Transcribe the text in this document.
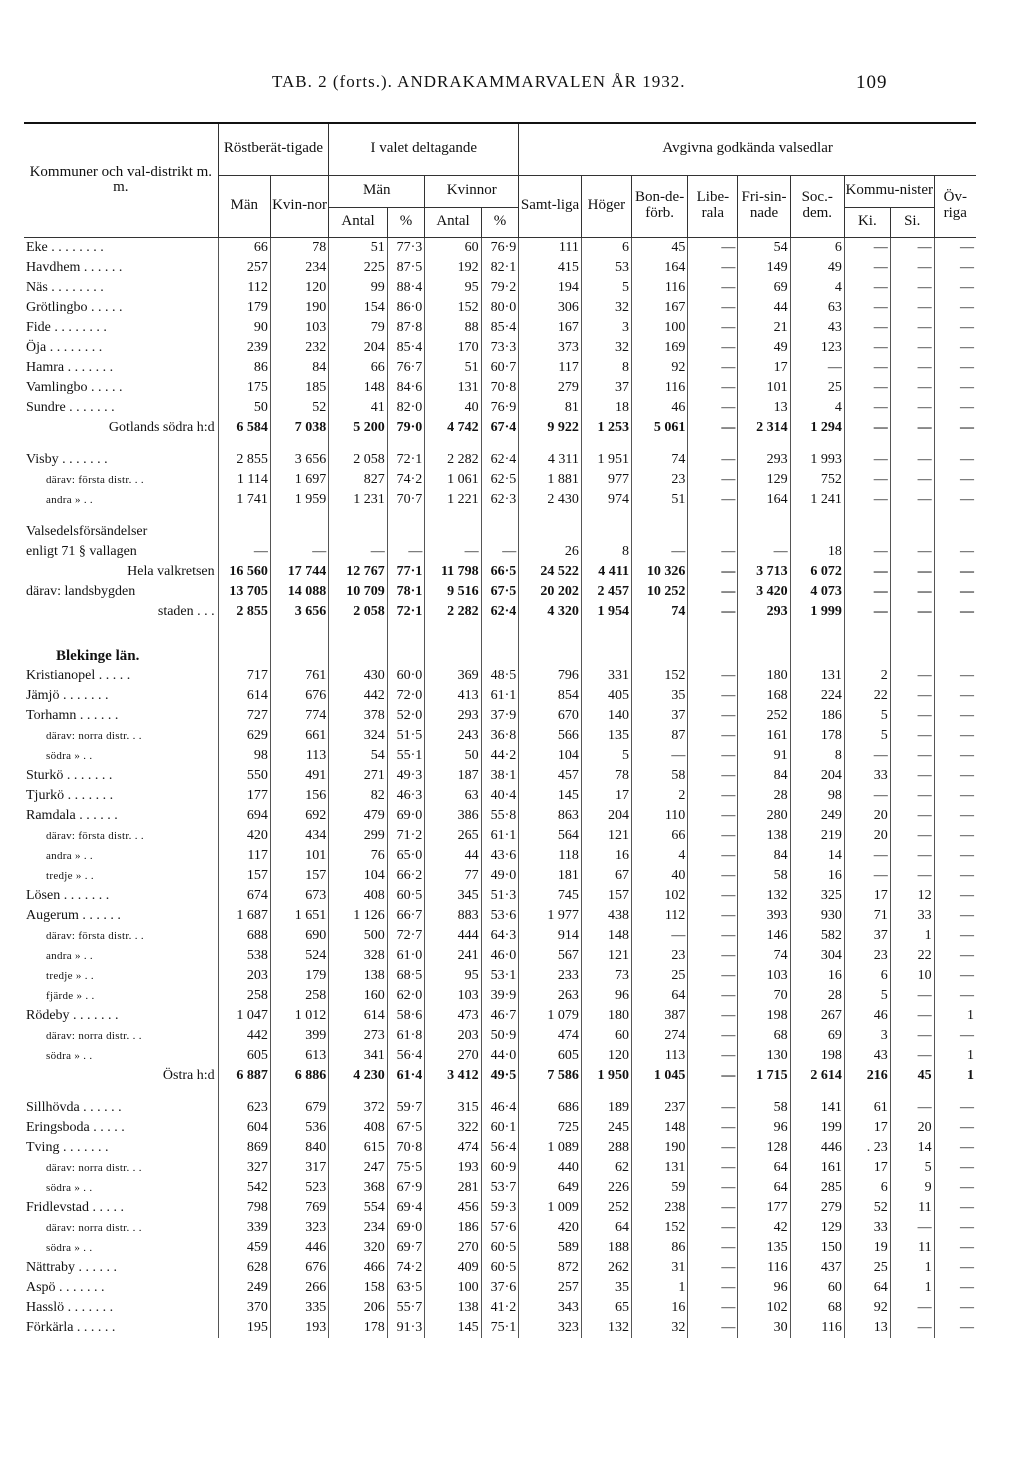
TAB. 2 (forts.). ANDRAKAMMARVALEN ÅR 1932.	109
Kommuner och val-distrikt m. m.	Röstberät-tigade		I valet deltagande				Avgivna godkända valsedlar								
	Män	Kvin-nor	Män		Kvinnor		Samt-liga	Höger	Bon-de-förb.	Libe-rala	Fri-sin-nade	Soc.-dem.	Kommu-nister		Öv-riga
			Antal	%	Antal	%							Ki.	Si.	
Eke . . . . . . . .	66	78	51	77·3	60	76·9	111	6	45	—	54	6	—	—	—
Havdhem . . . . . .	257	234	225	87·5	192	82·1	415	53	164	—	149	49	—	—	—
Näs . . . . . . . .	112	120	99	88·4	95	79·2	194	5	116	—	69	4	—	—	—
Grötlingbo . . . . .	179	190	154	86·0	152	80·0	306	32	167	—	44	63	—	—	—
Fide . . . . . . . .	90	103	79	87·8	88	85·4	167	3	100	—	21	43	—	—	—
Öja . . . . . . . .	239	232	204	85·4	170	73·3	373	32	169	—	49	123	—	—	—
Hamra . . . . . . .	86	84	66	76·7	51	60·7	117	8	92	—	17	—	—	—	—
Vamlingbo . . . . .	175	185	148	84·6	131	70·8	279	37	116	—	101	25	—	—	—
Sundre . . . . . . .	50	52	41	82·0	40	76·9	81	18	46	—	13	4	—	—	—
Gotlands södra h:d	6 584	7 038	5 200	79·0	4 742	67·4	9 922	1 253	5 061	—	2 314	1 294	—	—	—

Visby . . . . . . .	2 855	3 656	2 058	72·1	2 282	62·4	4 311	1 951	74	—	293	1 993	—	—	—
därav: första distr. . .	1 114	1 697	827	74·2	1 061	62·5	1 881	977	23	—	129	752	—	—	—
andra » . .	1 741	1 959	1 231	70·7	1 221	62·3	2 430	974	51	—	164	1 241	—	—	—

Valsedelsförsändelser															
enligt 71 § vallagen	—	—	—	—	—	—	26	8	—	—	—	18	—	—	—
Hela valkretsen	16 560	17 744	12 767	77·1	11 798	66·5	24 522	4 411	10 326	—	3 713	6 072	—	—	—
därav: landsbygden	13 705	14 088	10 709	78·1	9 516	67·5	20 202	2 457	10 252	—	3 420	4 073	—	—	—
staden . . .	2 855	3 656	2 058	72·1	2 282	62·4	4 320	1 954	74	—	293	1 999	—	—	—

Blekinge län.															
Kristianopel . . . . .	717	761	430	60·0	369	48·5	796	331	152	—	180	131	2	—	—
Jämjö . . . . . . .	614	676	442	72·0	413	61·1	854	405	35	—	168	224	22	—	—
Torhamn . . . . . .	727	774	378	52·0	293	37·9	670	140	37	—	252	186	5	—	—
därav: norra distr. . .	629	661	324	51·5	243	36·8	566	135	87	—	161	178	5	—	—
södra » . .	98	113	54	55·1	50	44·2	104	5	—	—	91	8	—	—	—
Sturkö . . . . . . .	550	491	271	49·3	187	38·1	457	78	58	—	84	204	33	—	—
Tjurkö . . . . . . .	177	156	82	46·3	63	40·4	145	17	2	—	28	98	—	—	—
Ramdala . . . . . .	694	692	479	69·0	386	55·8	863	204	110	—	280	249	20	—	—
därav: första distr. . .	420	434	299	71·2	265	61·1	564	121	66	—	138	219	20	—	—
andra » . .	117	101	76	65·0	44	43·6	118	16	4	—	84	14	—	—	—
tredje » . .	157	157	104	66·2	77	49·0	181	67	40	—	58	16	—	—	—
Lösen . . . . . . .	674	673	408	60·5	345	51·3	745	157	102	—	132	325	17	12	—
Augerum . . . . . .	1 687	1 651	1 126	66·7	883	53·6	1 977	438	112	—	393	930	71	33	—
därav: första distr. . .	688	690	500	72·7	444	64·3	914	148	—	—	146	582	37	1	—
andra » . .	538	524	328	61·0	241	46·0	567	121	23	—	74	304	23	22	—
tredje » . .	203	179	138	68·5	95	53·1	233	73	25	—	103	16	6	10	—
fjärde » . .	258	258	160	62·0	103	39·9	263	96	64	—	70	28	5	—	—
Rödeby . . . . . . .	1 047	1 012	614	58·6	473	46·7	1 079	180	387	—	198	267	46	—	1
därav: norra distr. . .	442	399	273	61·8	203	50·9	474	60	274	—	68	69	3	—	—
södra » . .	605	613	341	56·4	270	44·0	605	120	113	—	130	198	43	—	1
Östra h:d	6 887	6 886	4 230	61·4	3 412	49·5	7 586	1 950	1 045	—	1 715	2 614	216	45	1

Sillhövda . . . . . .	623	679	372	59·7	315	46·4	686	189	237	—	58	141	61	—	—
Eringsboda . . . . .	604	536	408	67·5	322	60·1	725	245	148	—	96	199	17	20	—
Tving . . . . . . .	869	840	615	70·8	474	56·4	1 089	288	190	—	128	446	. 23	14	—
därav: norra distr. . .	327	317	247	75·5	193	60·9	440	62	131	—	64	161	17	5	—
södra » . .	542	523	368	67·9	281	53·7	649	226	59	—	64	285	6	9	—
Fridlevstad . . . . .	798	769	554	69·4	456	59·3	1 009	252	238	—	177	279	52	11	—
därav: norra distr. . .	339	323	234	69·0	186	57·6	420	64	152	—	42	129	33	—	—
södra » . .	459	446	320	69·7	270	60·5	589	188	86	—	135	150	19	11	—
Nättraby . . . . . .	628	676	466	74·2	409	60·5	872	262	31	—	116	437	25	1	—
Aspö . . . . . . .	249	266	158	63·5	100	37·6	257	35	1	—	96	60	64	1	—
Hasslö . . . . . . .	370	335	206	55·7	138	41·2	343	65	16	—	102	68	92	—	—
Förkärla . . . . . .	195	193	178	91·3	145	75·1	323	132	32	—	30	116	13	—	—
